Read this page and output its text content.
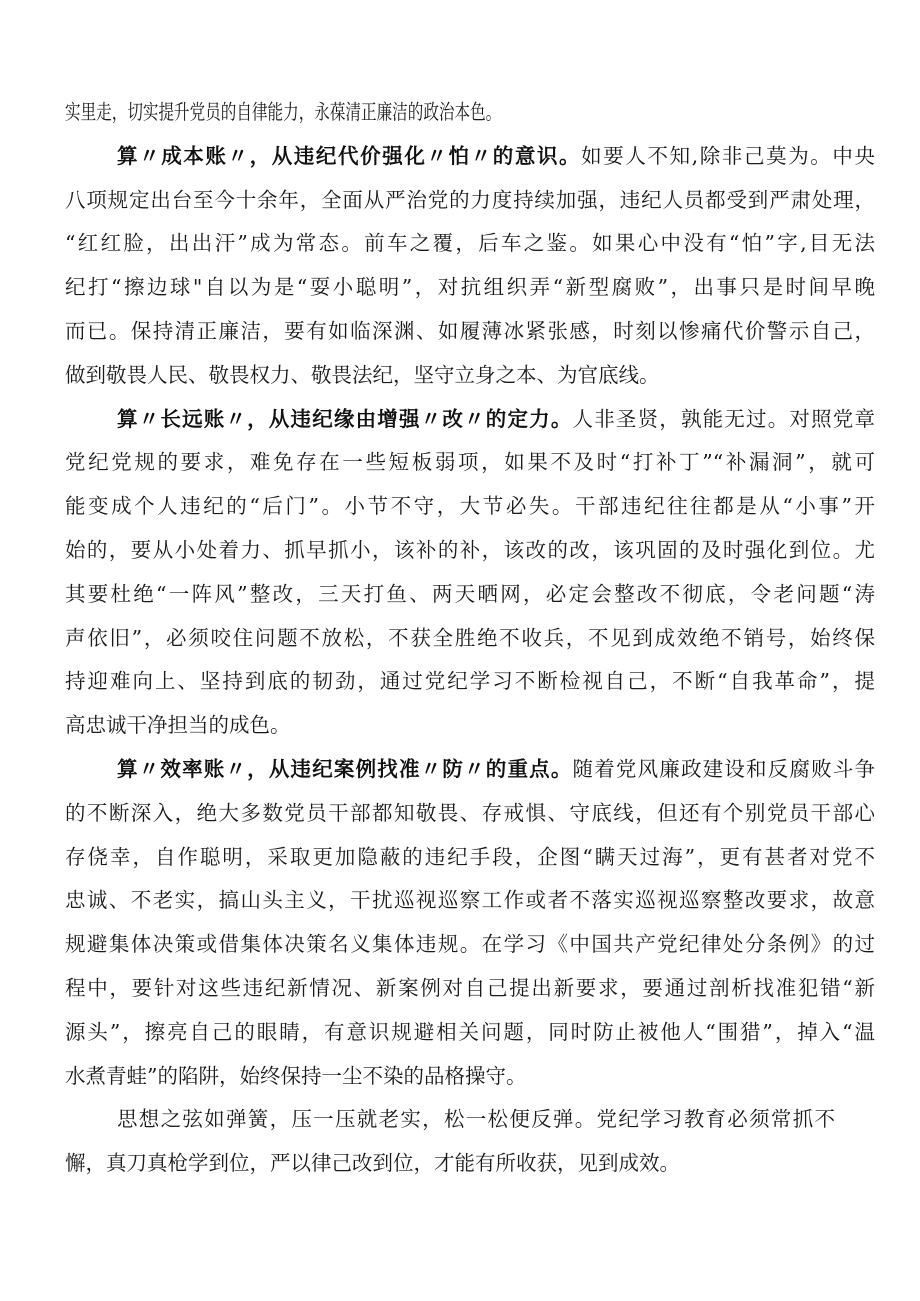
实里走，切实提升党员的自律能力，永葆清正廉洁的政治本色。
算〃成本账〃，从违纪代价强化〃怕〃的意识。如要人不知,除非己莫为。中央
八项规定出台至今十余年，全面从严治党的力度持续加强，违纪人员都受到严肃处理，
“红红脸，出出汗”成为常态。前车之覆，后车之鉴。如果心中没有“怕”字,目无法
纪打“擦边球"自以为是“耍小聪明”，对抗组织弄“新型腐败”，出事只是时间早晚
而已。保持清正廉洁，要有如临深渊、如履薄冰紧张感，时刻以惨痛代价警示自己，
做到敬畏人民、敬畏权力、敬畏法纪，坚守立身之本、为官底线。
算〃长远账〃，从违纪缘由增强〃改〃的定力。人非圣贤，孰能无过。对照党章
党纪党规的要求，难免存在一些短板弱项，如果不及时“打补丁”“补漏洞”，就可
能变成个人违纪的“后门”。小节不守，大节必失。干部违纪往往都是从“小事”开
始的，要从小处着力、抓早抓小，该补的补，该改的改，该巩固的及时强化到位。尤
其要杜绝“一阵风”整改，三天打鱼、两天晒网，必定会整改不彻底，令老问题“涛
声依旧”，必须咬住问题不放松，不获全胜绝不收兵，不见到成效绝不销号，始终保
持迎难向上、坚持到底的韧劲，通过党纪学习不断检视自己，不断“自我革命”，提
高忠诚干净担当的成色。
算〃效率账〃，从违纪案例找准〃防〃的重点。随着党风廉政建设和反腐败斗争
的不断深入，绝大多数党员干部都知敬畏、存戒惧、守底线，但还有个别党员干部心
存侥幸，自作聪明，采取更加隐蔽的违纪手段，企图“瞒天过海”，更有甚者对党不
忠诚、不老实，搞山头主义，干扰巡视巡察工作或者不落实巡视巡察整改要求，故意
规避集体决策或借集体决策名义集体违规。在学习《中国共产党纪律处分条例》的过
程中，要针对这些违纪新情况、新案例对自己提出新要求，要通过剖析找准犯错“新
源头”，擦亮自己的眼睛，有意识规避相关问题，同时防止被他人“围猎”，掉入“温
水煮青蛙”的陷阱，始终保持一尘不染的品格操守。
思想之弦如弹簧，压一压就老实，松一松便反弹。党纪学习教育必须常抓不
懈，真刀真枪学到位，严以律己改到位，才能有所收获，见到成效。
